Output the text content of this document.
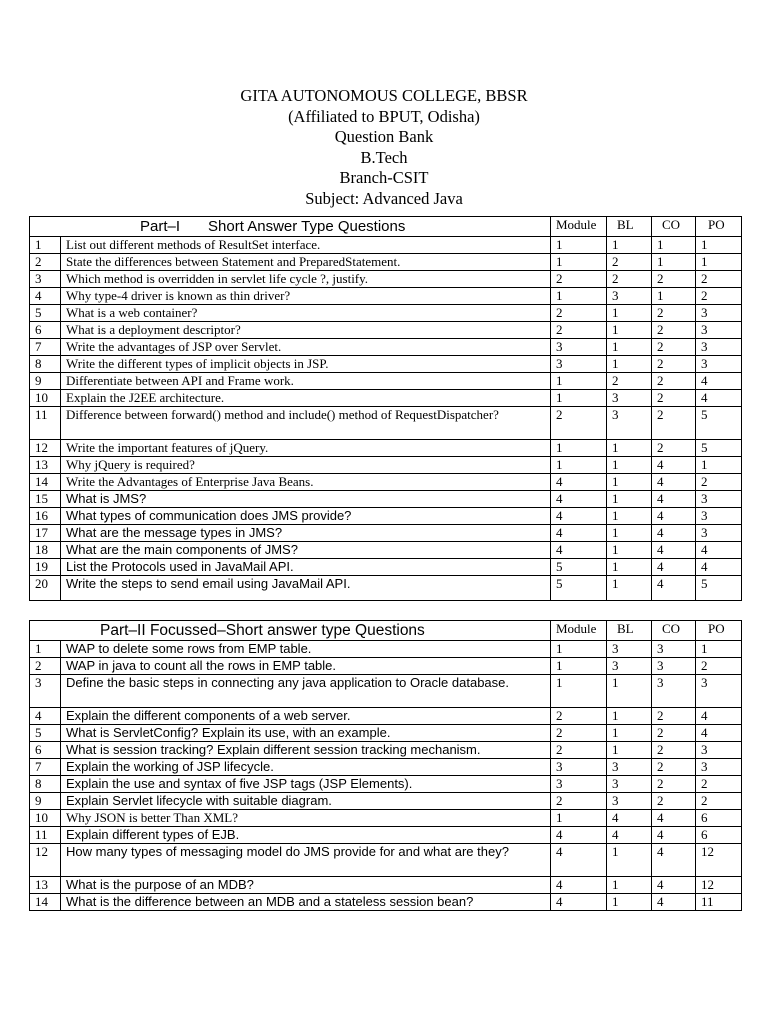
GITA AUTONOMOUS COLLEGE, BBSR
(Affiliated to BPUT, Odisha)
Question Bank
B.Tech
Branch-CSIT
Subject: Advanced Java
Part–I Short Answer Type Questions		Module	BL	CO	PO
1	List out different methods of ResultSet interface.	1	1	1	1
2	State the differences between Statement and PreparedStatement.	1	2	1	1
3	Which method is overridden in servlet life cycle ?, justify.	2	2	2	2
4	Why type-4 driver is known as thin driver?	1	3	1	2
5	What is a web container?	2	1	2	3
6	What is a deployment descriptor?	2	1	2	3
7	Write the advantages of JSP over Servlet.	3	1	2	3
8	Write the different types of implicit objects in JSP.	3	1	2	3
9	Differentiate between API and Frame work.	1	2	2	4
10	Explain the J2EE architecture.	1	3	2	4
11	Difference between forward() method and include() method of RequestDispatcher?	2	3	2	5
12	Write the important features of jQuery.	1	1	2	5
13	Why jQuery is required?	1	1	4	1
14	Write the Advantages of Enterprise Java Beans.	4	1	4	2
15	What is JMS?	4	1	4	3
16	What types of communication does JMS provide?	4	1	4	3
17	What are the message types in JMS?	4	1	4	3
18	What are the main components of JMS?	4	1	4	4
19	List the Protocols used in JavaMail API.	5	1	4	4
20	Write the steps to send email using JavaMail API.	5	1	4	5
Part–II Focussed–Short answer type Questions		Module	BL	CO	PO
1	WAP to delete some rows from EMP table.	1	3	3	1
2	WAP in java to count all the rows in EMP table.	1	3	3	2
3	Define the basic steps in connecting any java application to Oracle database.	1	1	3	3
4	Explain the different components of a web server.	2	1	2	4
5	What is ServletConfig? Explain its use, with an example.	2	1	2	4
6	What is session tracking? Explain different session tracking mechanism.	2	1	2	3
7	Explain the working of JSP lifecycle.	3	3	2	3
8	Explain the use and syntax of five JSP tags (JSP Elements).	3	3	2	2
9	Explain Servlet lifecycle with suitable diagram.	2	3	2	2
10	Why JSON is better Than XML?	1	4	4	6
11	Explain different types of EJB.	4	4	4	6
12	How many types of messaging model do JMS provide for and what are they?	4	1	4	12
13	What is the purpose of an MDB?	4	1	4	12
14	What is the difference between an MDB and a stateless session bean?	4	1	4	11
